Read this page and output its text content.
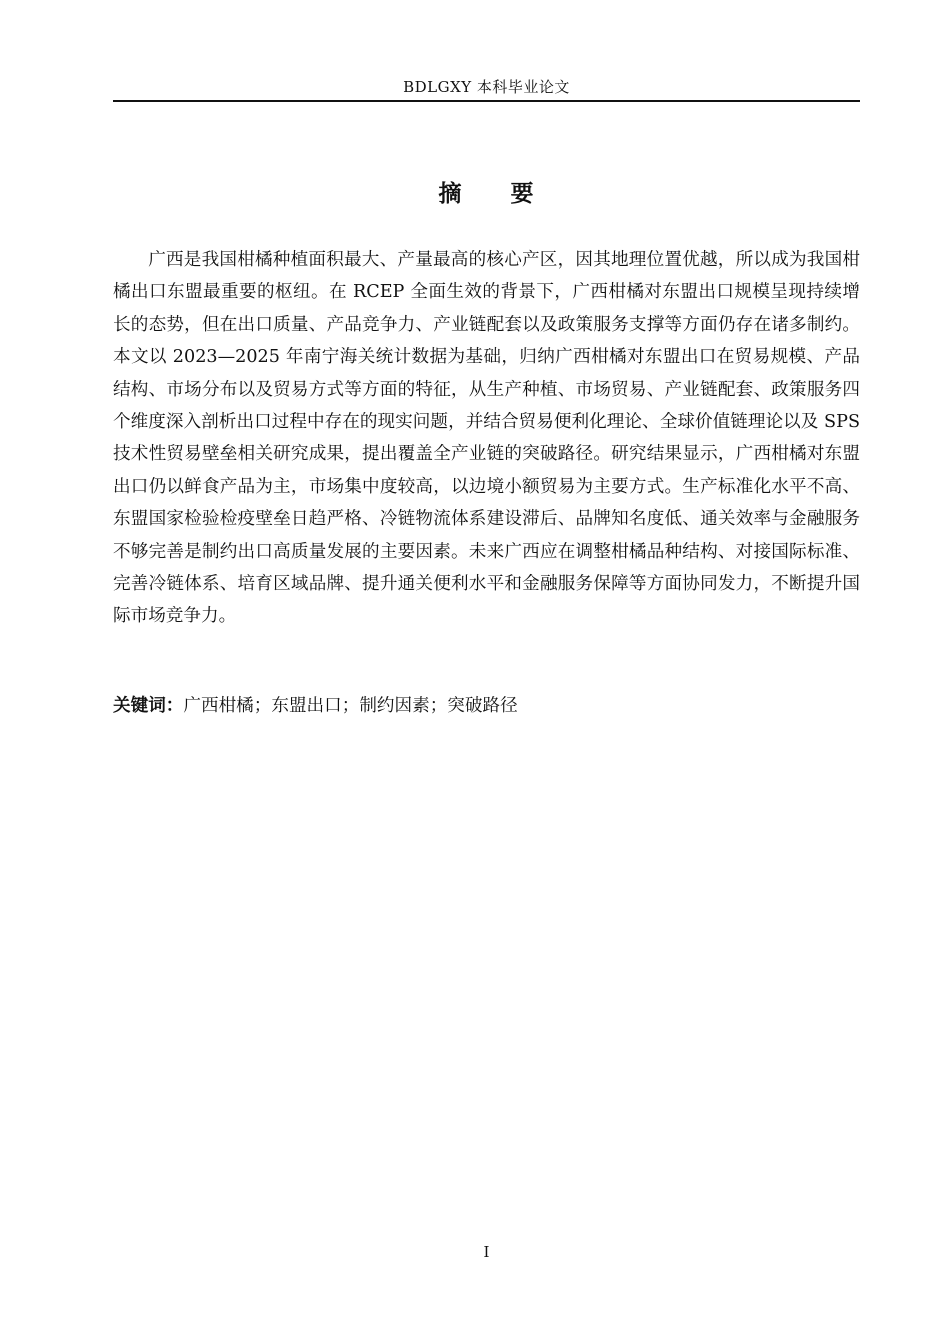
BDLGXY 本科毕业论文
摘　　要

广西是我国柑橘种植面积最大、产量最高的核心产区，因其地理位置优越，所以成为我国柑橘出口东盟最重要的枢纽。在 RCEP 全面生效的背景下，广西柑橘对东盟出口规模呈现持续增长的态势，但在出口质量、产品竞争力、产业链配套以及政策服务支撑等方面仍存在诸多制约。本文以 2023—2025 年南宁海关统计数据为基础，归纳广西柑橘对东盟出口在贸易规模、产品结构、市场分布以及贸易方式等方面的特征，从生产种植、市场贸易、产业链配套、政策服务四个维度深入剖析出口过程中存在的现实问题，并结合贸易便利化理论、全球价值链理论以及 SPS 技术性贸易壁垒相关研究成果，提出覆盖全产业链的突破路径。研究结果显示，广西柑橘对东盟出口仍以鲜食产品为主，市场集中度较高，以边境小额贸易为主要方式。生产标准化水平不高、东盟国家检验检疫壁垒日趋严格、冷链物流体系建设滞后、品牌知名度低、通关效率与金融服务不够完善是制约出口高质量发展的主要因素。未来广西应在调整柑橘品种结构、对接国际标准、完善冷链体系、培育区域品牌、提升通关便利水平和金融服务保障等方面协同发力，不断提升国际市场竞争力。

关键词：广西柑橘；东盟出口；制约因素；突破路径
I
